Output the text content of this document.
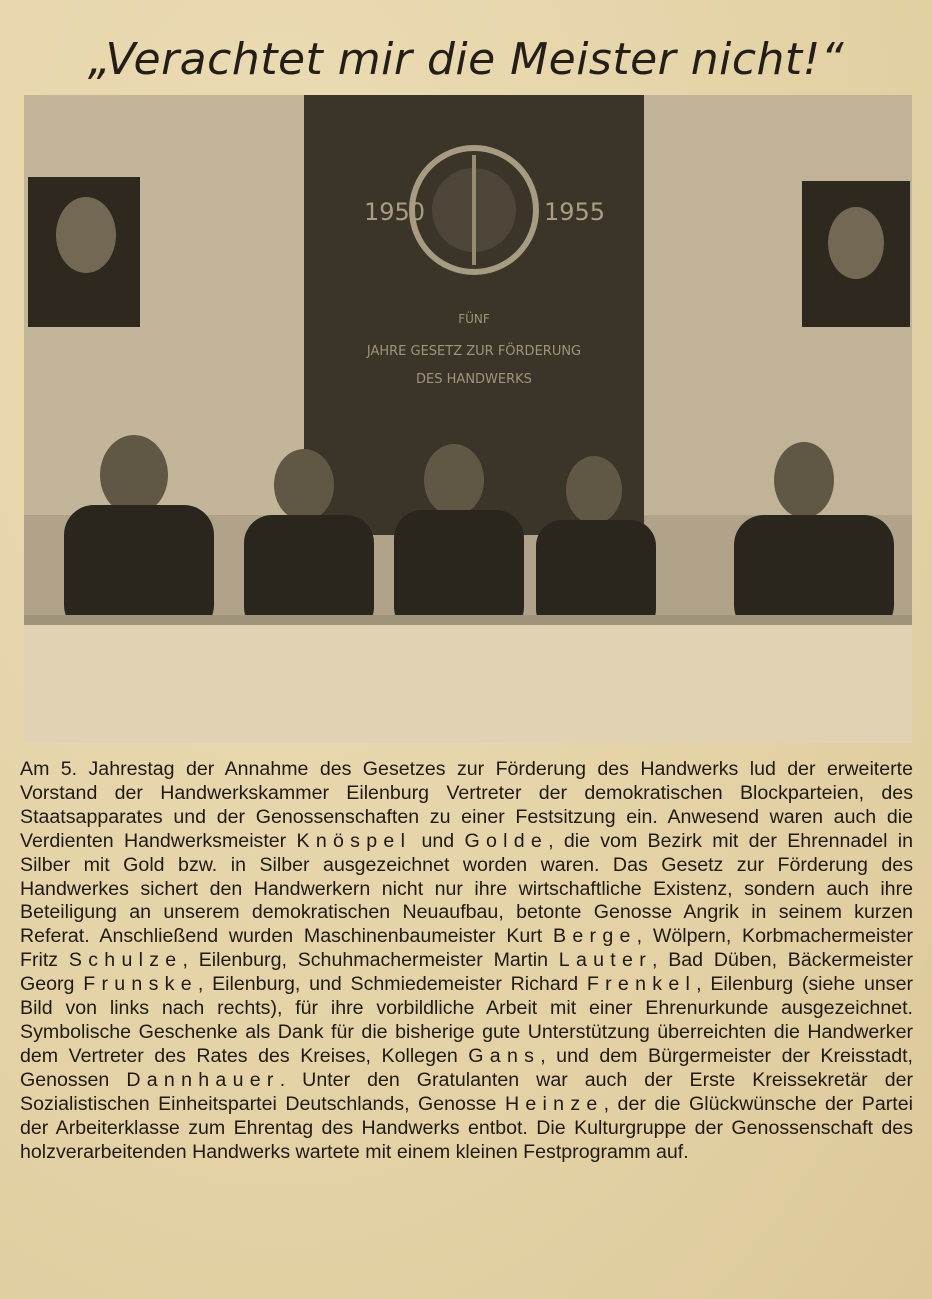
„Verachtet mir die Meister nicht!“
1950	1955
FÜNF
JAHRE GESETZ ZUR FÖRDERUNG
DES HANDWERKS
Am 5. Jahrestag der Annahme des Gesetzes zur Förderung des Handwerks lud der erweiterte Vorstand der Handwerkskammer Eilenburg Vertreter der demokratischen Blockparteien, des Staatsapparates und der Genossenschaften zu einer Festsitzung ein. Anwesend waren auch die Verdienten Handwerksmeister Knöspel und Golde, die vom Bezirk mit der Ehrennadel in Silber mit Gold bzw. in Silber ausgezeichnet worden waren. Das Gesetz zur Förderung des Handwerkes sichert den Handwerkern nicht nur ihre wirtschaftliche Existenz, sondern auch ihre Beteiligung an unserem demokratischen Neuaufbau, betonte Genosse Angrik in seinem kurzen Referat. Anschließend wurden Maschinenbaumeister Kurt Berge, Wölpern, Korbmachermeister Fritz Schulze, Eilenburg, Schuhmachermeister Martin Lauter, Bad Düben, Bäckermeister Georg Frunske, Eilenburg, und Schmiedemeister Richard Frenkel, Eilenburg (siehe unser Bild von links nach rechts), für ihre vorbildliche Arbeit mit einer Ehrenurkunde ausgezeichnet. Symbolische Geschenke als Dank für die bisherige gute Unterstützung überreichten die Handwerker dem Vertreter des Rates des Kreises, Kollegen Gans, und dem Bürgermeister der Kreisstadt, Genossen Dannhauer. Unter den Gratulanten war auch der Erste Kreissekretär der Sozialistischen Einheitspartei Deutschlands, Genosse Heinze, der die Glückwünsche der Partei der Arbeiterklasse zum Ehrentag des Handwerks entbot. Die Kulturgruppe der Genossenschaft des holzverarbeitenden Handwerks wartete mit einem kleinen Festprogramm auf.
